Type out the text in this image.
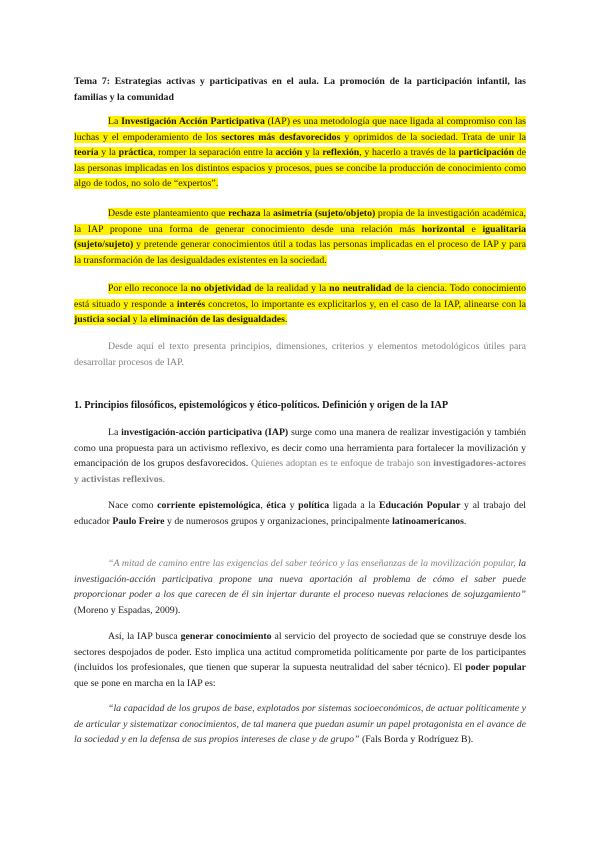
Tema 7: Estrategias activas y participativas en el aula. La promoción de la participación infantil, las familias y la comunidad

La Investigación Acción Participativa (IAP) es una metodología que nace ligada al compromiso con las luchas y el empoderamiento de los sectores más desfavorecidos y oprimidos de la sociedad. Trata de unir la teoría y la práctica, romper la separación entre la acción y la reflexión, y hacerlo a través de la participación de las personas implicadas en los distintos espacios y procesos, pues se concibe la producción de conocimiento como algo de todos, no solo de “expertos”.

Desde este planteamiento que rechaza la asimetría (sujeto/objeto) propia de la investigación académica, la IAP propone una forma de generar conocimiento desde una relación más horizontal e igualitaria (sujeto/sujeto) y pretende generar conocimientos útil a todas las personas implicadas en el proceso de IAP y para la transformación de las desigualdades existentes en la sociedad.

Por ello reconoce la no objetividad de la realidad y la no neutralidad de la ciencia. Todo conocimiento está situado y responde a interés concretos, lo importante es explicitarlos y, en el caso de la IAP, alinearse con la justicia social y la eliminación de las desigualdades.

Desde aquí el texto presenta principios, dimensiones, criterios y elementos metodológicos útiles para desarrollar procesos de IAP.

1. Principios filosóficos, epistemológicos y ético-políticos. Definición y origen de la IAP

La investigación-acción participativa (IAP) surge como una manera de realizar investigación y también como una propuesta para un activismo reflexivo, es decir como una herramienta para fortalecer la movilización y emancipación de los grupos desfavorecidos. Quienes adoptan es te enfoque de trabajo son investigadores-actores y activistas reflexivos.

Nace como corriente epistemológica, ética y política ligada a la Educación Popular y al trabajo del educador Paulo Freire y de numerosos grupos y organizaciones, principalmente latinoamericanos.

“A mitad de camino entre las exigencias del saber teórico y las enseñanzas de la movilización popular, la investigación-acción participativa propone una nueva aportación al problema de cómo el saber puede proporcionar poder a los que carecen de él sin injertar durante el proceso nuevas relaciones de sojuzgamiento” (Moreno y Espadas, 2009).

Así, la IAP busca generar conocimiento al servicio del proyecto de sociedad que se construye desde los sectores despojados de poder. Esto implica una actitud comprometida políticamente por parte de los participantes (incluidos los profesionales, que tienen que superar la supuesta neutralidad del saber técnico). El poder popular que se pone en marcha en la IAP es:

“la capacidad de los grupos de base, explotados por sistemas socioeconómicos, de actuar políticamente y de articular y sistematizar conocimientos, de tal manera que puedan asumir un papel protagonista en el avance de la sociedad y en la defensa de sus propios intereses de clase y de grupo” (Fals Borda y Rodríguez B).
